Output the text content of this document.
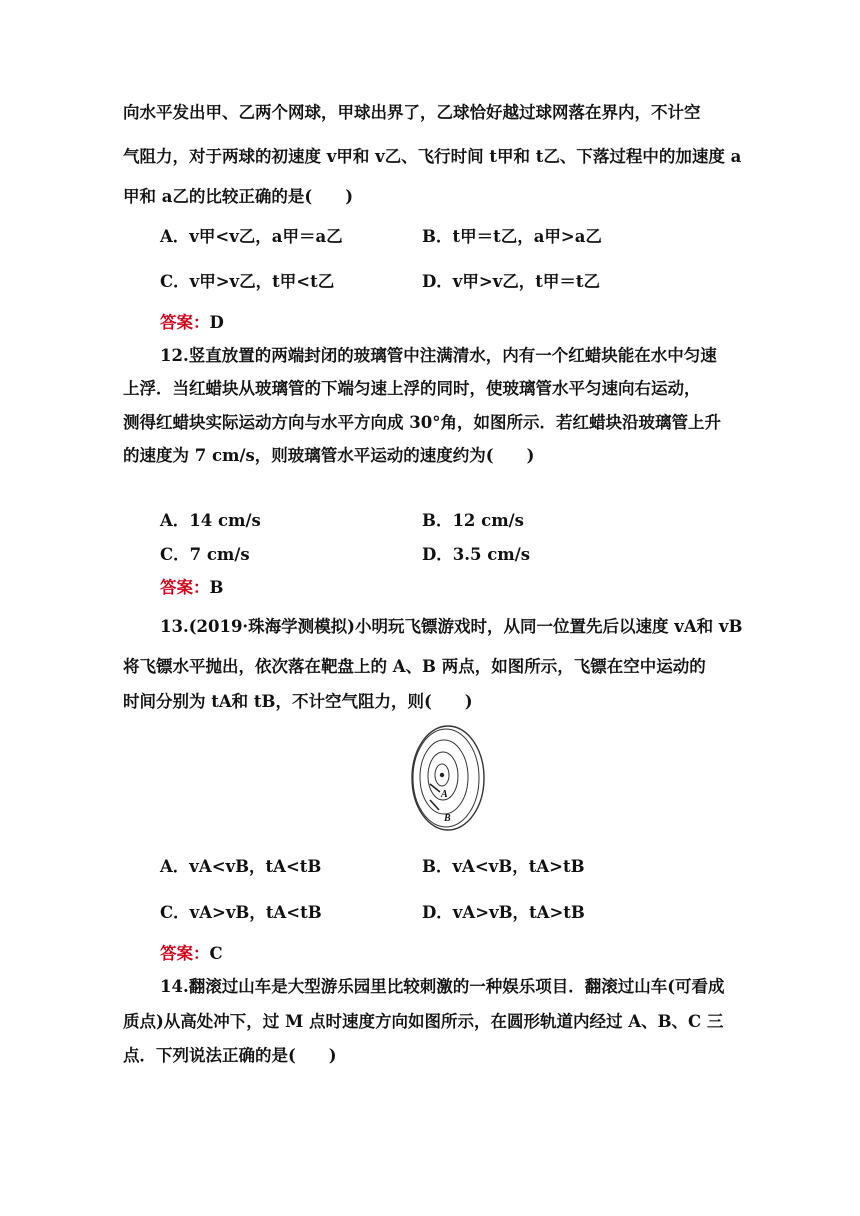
向水平发出甲、乙两个网球，甲球出界了，乙球恰好越过球网落在界内，不计空
气阻力，对于两球的初速度 v甲和 v乙、飞行时间 t甲和 t乙、下落过程中的加速度 a
甲和 a乙的比较正确的是(　　)
A．v甲<v乙，a甲＝a乙	B．t甲＝t乙，a甲>a乙
C．v甲>v乙，t甲<t乙	D．v甲>v乙，t甲＝t乙
答案：D
12.竖直放置的两端封闭的玻璃管中注满清水，内有一个红蜡块能在水中匀速
上浮．当红蜡块从玻璃管的下端匀速上浮的同时，使玻璃管水平匀速向右运动，
测得红蜡块实际运动方向与水平方向成 30°角，如图所示．若红蜡块沿玻璃管上升
的速度为 7 cm/s，则玻璃管水平运动的速度约为(　　)
A．14 cm/s	B．12 cm/s
C．7 cm/s	D．3.5 cm/s
答案：B
13.(2019·珠海学测模拟)小明玩飞镖游戏时，从同一位置先后以速度 vA和 vB
将飞镖水平抛出，依次落在靶盘上的 A、B 两点，如图所示，飞镖在空中运动的
时间分别为 tA和 tB，不计空气阻力，则(　　)
A
B
A．vA<vB，tA<tB	B．vA<vB，tA>tB
C．vA>vB，tA<tB	D．vA>vB，tA>tB
答案：C
14.翻滚过山车是大型游乐园里比较刺激的一种娱乐项目．翻滚过山车(可看成
质点)从高处冲下，过 M 点时速度方向如图所示，在圆形轨道内经过 A、B、C 三
点．下列说法正确的是(　　)
